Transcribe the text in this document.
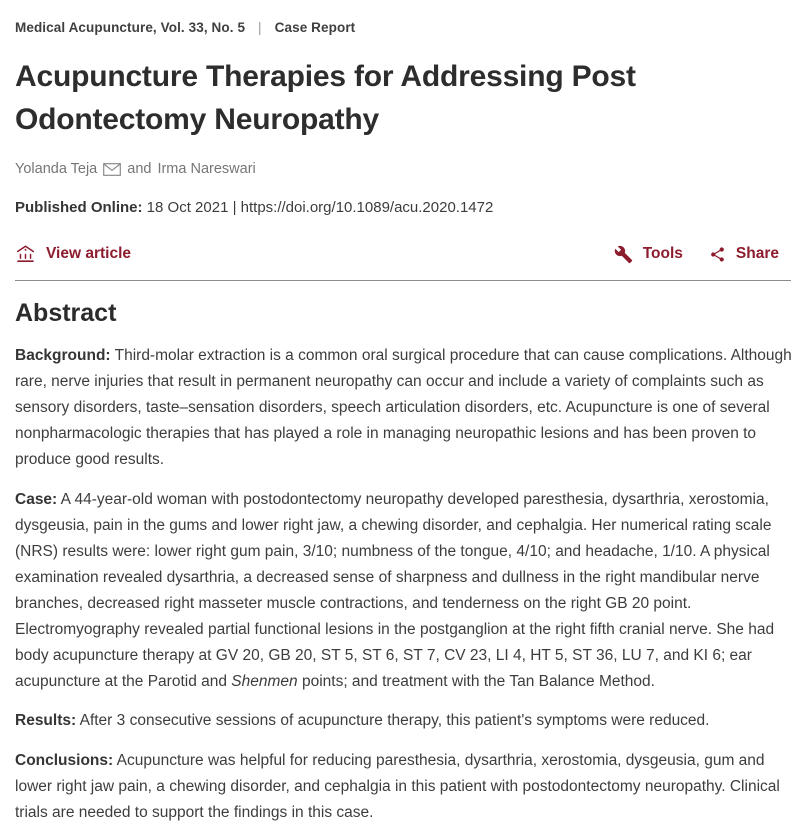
Medical Acupuncture, Vol. 33, No. 5 | Case Report
Acupuncture Therapies for Addressing Post Odontectomy Neuropathy
Yolanda Teja and Irma Nareswari
Published Online: 18 Oct 2021 | https://doi.org/10.1089/acu.2020.1472
View article	Tools	Share
Abstract

Background: Third-molar extraction is a common oral surgical procedure that can cause complications. Although rare, nerve injuries that result in permanent neuropathy can occur and include a variety of complaints such as sensory disorders, taste–sensation disorders, speech articulation disorders, etc. Acupuncture is one of several nonpharmacologic therapies that has played a role in managing neuropathic lesions and has been proven to produce good results.

Case: A 44-year-old woman with postodontectomy neuropathy developed paresthesia, dysarthria, xerostomia, dysgeusia, pain in the gums and lower right jaw, a chewing disorder, and cephalgia. Her numerical rating scale (NRS) results were: lower right gum pain, 3/10; numbness of the tongue, 4/10; and headache, 1/10. A physical examination revealed dysarthria, a decreased sense of sharpness and dullness in the right mandibular nerve branches, decreased right masseter muscle contractions, and tenderness on the right GB 20 point. Electromyography revealed partial functional lesions in the postganglion at the right fifth cranial nerve. She had body acupuncture therapy at GV 20, GB 20, ST 5, ST 6, ST 7, CV 23, LI 4, HT 5, ST 36, LU 7, and KI 6; ear acupuncture at the Parotid and Shenmen points; and treatment with the Tan Balance Method.

Results: After 3 consecutive sessions of acupuncture therapy, this patient's symptoms were reduced.

Conclusions: Acupuncture was helpful for reducing paresthesia, dysarthria, xerostomia, dysgeusia, gum and lower right jaw pain, a chewing disorder, and cephalgia in this patient with postodontectomy neuropathy. Clinical trials are needed to support the findings in this case.
